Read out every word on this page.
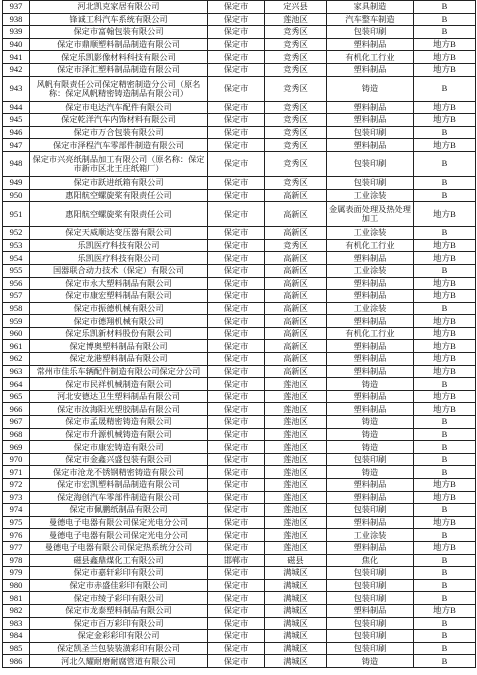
937	河北凯克家居有限公司	保定市	定兴县	家具制造	B
938	锋诚工科汽车系统有限公司	保定市	莲池区	汽车整车制造	B
939	保定市富翰包装有限公司	保定市	竞秀区	包装印刷	B
940	保定市鼎顺塑料制品制造有限公司	保定市	竞秀区	塑料制品	地方B
941	保定乐凯影像材料科技有限公司	保定市	竞秀区	有机化工行业	地方B
942	保定市泽汇塑料制品制造有限公司	保定市	竞秀区	塑料制品	地方B
943	风帆有限责任公司保定精密制造分公司（原名称：保定风帆精密铸造制品有限公司）	保定市	竞秀区	铸造	B
944	保定市电达汽车配件有限公司	保定市	竞秀区	塑料制品	地方B
945	保定乾洋汽车内饰材料有限公司	保定市	竞秀区	塑料制品	地方B
946	保定市万合包装有限公司	保定市	竞秀区	包装印刷	B
947	保定市泽程汽车零部件制造有限公司	保定市	竞秀区	塑料制品	地方B
948	保定市兴亮纸制品加工有限公司（原名称：保定市新市区北王庄纸箱厂）	保定市	竞秀区	包装印刷	B
949	保定市跃进纸箱有限公司	保定市	竞秀区	包装印刷	B
950	惠阳航空螺旋桨有限责任公司	保定市	高新区	工业涂装	B
951	惠阳航空螺旋桨有限责任公司	保定市	高新区	金属表面处理及热处理加工	地方B
952	保定天威顺达变压器有限公司	保定市	高新区	工业涂装	B
953	乐凯医疗科技有限公司	保定市	竞秀区	有机化工行业	地方B
954	乐凯医疗科技有限公司	保定市	高新区	塑料制品	地方B
955	国器联合动力技术（保定）有限公司	保定市	高新区	工业涂装	B
956	保定市永大塑料制品有限公司	保定市	高新区	塑料制品	地方B
957	保定市康宏塑料制品有限公司	保定市	高新区	塑料制品	地方B
958	保定市振德机械有限公司	保定市	高新区	工业涂装	B
959	保定市德翔机械有限公司	保定市	高新区	塑料制品	地方B
960	保定乐凯新材料股份有限公司	保定市	高新区	有机化工行业	地方B
961	保定博奥塑料制品有限公司	保定市	高新区	塑料制品	地方B
962	保定龙港塑料制品有限公司	保定市	高新区	塑料制品	地方B
963	常州市佳乐车辆配件制造有限公司保定分公司	保定市	高新区	塑料制品	地方B
964	保定市民祥机械制造有限公司	保定市	莲池区	铸造	B
965	河北安德达卫生塑料制品有限公司	保定市	莲池区	塑料制品	地方B
966	保定市汝海阳光塑胶制品有限公司	保定市	莲池区	塑料制品	地方B
967	保定市孟晟精密铸造有限公司	保定市	莲池区	铸造	B
968	保定市升源机械铸造有限公司	保定市	莲池区	铸造	B
969	保定市康宏铸造有限公司	保定市	莲池区	铸造	B
970	保定市金鑫兴盛包装有限公司	保定市	莲池区	包装印刷	B
971	保定市沧龙不锈钢精密铸造有限公司	保定市	莲池区	铸造	B
972	保定市宏凯塑料制品制造有限公司	保定市	莲池区	塑料制品	地方B
973	保定海创汽车零部件制造有限公司	保定市	莲池区	塑料制品	地方B
974	保定市佩鹏纸制品有限公司	保定市	莲池区	包装印刷	B
975	曼德电子电器有限公司保定光电分公司	保定市	莲池区	塑料制品	地方B
976	曼德电子电器有限公司保定光电分公司	保定市	莲池区	工业涂装	B
977	曼德电子电器有限公司保定热系统分公司	保定市	莲池区	塑料制品	地方B
978	磁县鑫鼎煤化工有限公司	邯郸市	磁县	焦化	B
979	保定市嘉轩彩印有限公司	保定市	满城区	包装印刷	B
980	保定市赤盛佳彩印有限公司	保定市	满城区	包装印刷	B
981	保定市绫子彩印有限公司	保定市	满城区	包装印刷	B
982	保定市龙泰塑料制品有限公司	保定市	满城区	塑料制品	地方B
983	保定市百万彩印有限公司	保定市	满城区	包装印刷	B
984	保定金彩彩印有限公司	保定市	满城区	包装印刷	B
985	保定凯圣兰包装装潢彩印有限公司	保定市	满城区	包装印刷	B
986	河北久耀耐磨耐腐管道有限公司	保定市	满城区	铸造	B
